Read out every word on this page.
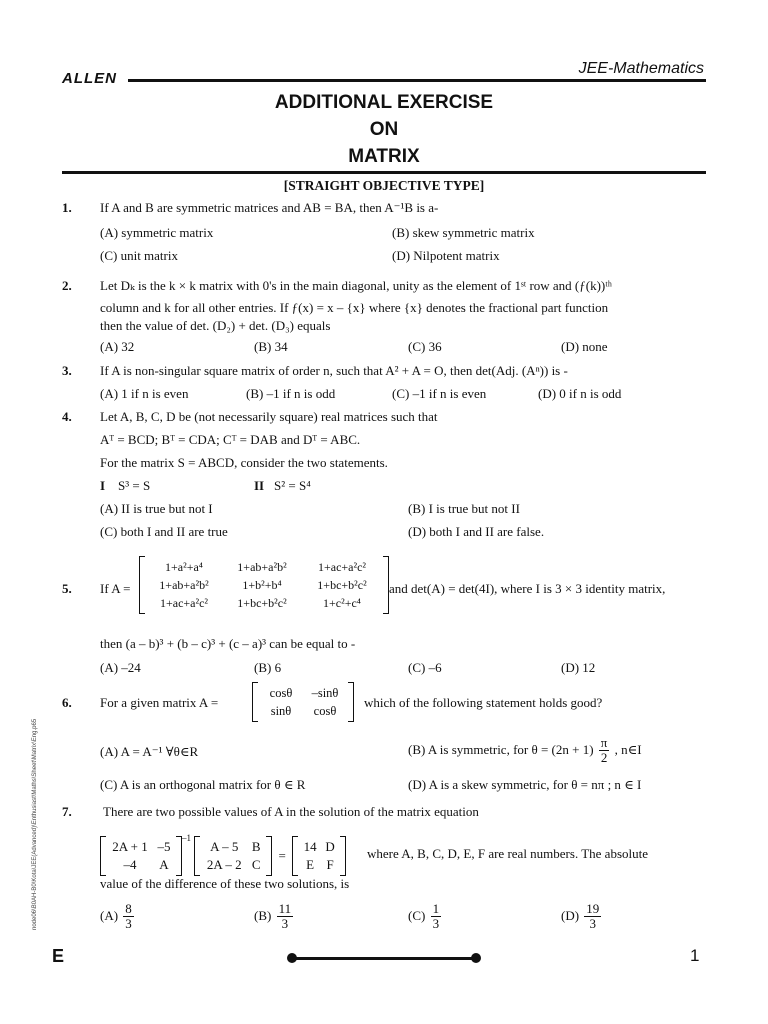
ALLEN
JEE-Mathematics
ADDITIONAL EXERCISE
ON
MATRIX
[STRAIGHT OBJECTIVE TYPE]
1. If A and B are symmetric matrices and AB = BA, then A⁻¹B is a-
(A) symmetric matrix	(B) skew symmetric matrix
(C) unit matrix	(D) Nilpotent matrix
2. Let Dₖ is the k × k matrix with 0's in the main diagonal, unity as the element of 1ˢᵗ row and (ƒ(k))ᵗʰ
column and k for all other entries. If ƒ(x) = x – {x} where {x} denotes the fractional part function
then the value of det. (D₂) + det. (D₃) equals
(A) 32	(B) 34	(C) 36	(D) none
3. If A is non-singular square matrix of order n, such that A² + A = O, then det(Adj. (Aⁿ)) is -
(A) 1 if n is even	(B) –1 if n is odd	(C) –1 if n is even	(D) 0 if n is odd
4. Let A, B, C, D be (not necessarily square) real matrices such that
Aᵀ = BCD; Bᵀ = CDA; Cᵀ = DAB and Dᵀ = ABC.
For the matrix S = ABCD, consider the two statements.
I S³ = S	II S² = S⁴
(A) II is true but not I	(B) I is true but not II
(C) both I and II are true	(D) both I and II are false.
5. If A =
1+a²+a⁴	1+ab+a²b²	1+ac+a²c²
1+ab+a²b²	1+b²+b⁴	1+bc+b²c²
1+ac+a²c² 1+bc+b²c²	1+c²+c⁴
and det(A) = det(4I), where I is 3 × 3 identity matrix,
then (a – b)³ + (b – c)³ + (c – a)³ can be equal to -
(A) –24	(B) 6	(C) –6	(D) 12
6. For a given matrix A =
cosθ –sinθ
sinθ cosθ
which of the following statement holds good?
(A) A = A⁻¹ ∀θ∈R	(B) A is symmetric, for $\theta = (2n + 1) \frac{\pi}{2}$ , n∈I
(C) A is an orthogonal matrix for θ ∈ R	(D) A is a skew symmetric, for θ = nπ ; n ∈ I
7. There are two possible values of A in the solution of the matrix equation
2A + 1 –5
–4 A
$^{-1}$
A – 5 B
2A – 2 C
=
14 D
E F
where A, B, C, D, E, F are real numbers. The absolute
value of the difference of these two solutions, is
$(A) \frac{8}{3}$	$(B) \frac{11}{3}$	$(C) \frac{1}{3}$	$(D) \frac{19}{3}$
node06\B0AH-B0\Kota\JEE(Advanced)\Enthusiast\Maths\Sheet\Matrix\Eng.p65
E	1
